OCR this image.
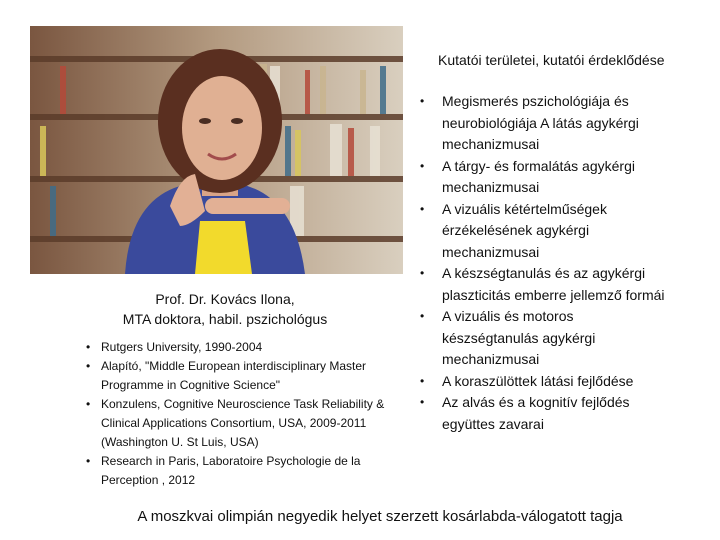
Prof. Dr. Kovács Ilona,
MTA doktora, habil. pszichológus
• Rutgers University, 1990-2004
• Alapító, "Middle European interdisciplinary Master Programme in Cognitive Science"
• Konzulens, Cognitive Neuroscience Task Reliability & Clinical Applications Consortium, USA, 2009-2011 (Washington U. St Luis, USA)
• Research in Paris, Laboratoire Psychologie de la Perception , 2012
Kutatói területei, kutatói érdeklődése
• Megismerés pszichológiája és neurobiológiája A látás agykérgi mechanizmusai
• A tárgy- és formalátás agykérgi mechanizmusai
• A vizuális kétértelműségek érzékelésének agykérgi mechanizmusai
• A készségtanulás és az agykérgi plaszticitás emberre jellemző formái
• A vizuális és motoros készségtanulás agykérgi mechanizmusai
• A koraszülöttek látási fejlődése
• Az alvás és a kognitív fejlődés együttes zavarai
A moszkvai olimpián negyedik helyet szerzett kosárlabda-válogatott tagja
